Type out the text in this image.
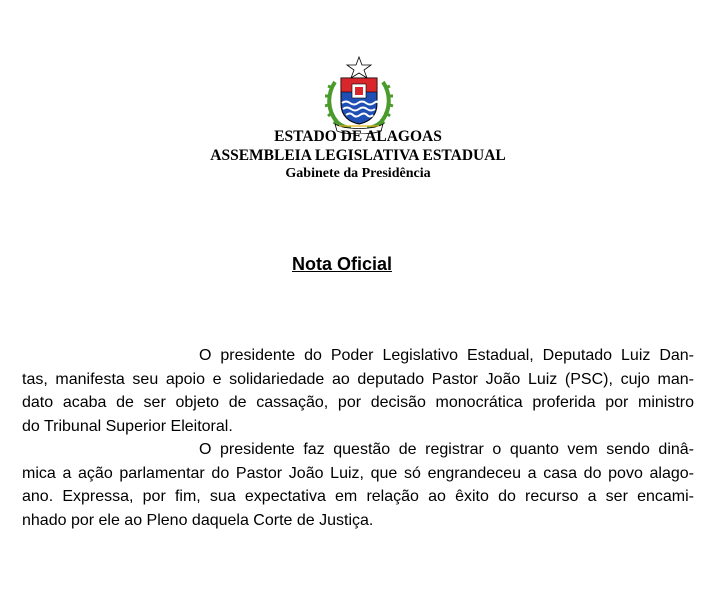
ESTADO DE ALAGOAS
ASSEMBLEIA LEGISLATIVA ESTADUAL
Gabinete da Presidência
Nota Oficial
O presidente do Poder Legislativo Estadual, Deputado Luiz Dan-
tas, manifesta seu apoio e solidariedade ao deputado Pastor João Luiz (PSC), cujo man-
dato acaba de ser objeto de cassação, por decisão monocrática proferida por ministro
do Tribunal Superior Eleitoral.
O presidente faz questão de registrar o quanto vem sendo dinâ-
mica a ação parlamentar do Pastor João Luiz, que só engrandeceu a casa do povo alago-
ano. Expressa, por fim, sua expectativa em relação ao êxito do recurso a ser encami-
nhado por ele ao Pleno daquela Corte de Justiça.
